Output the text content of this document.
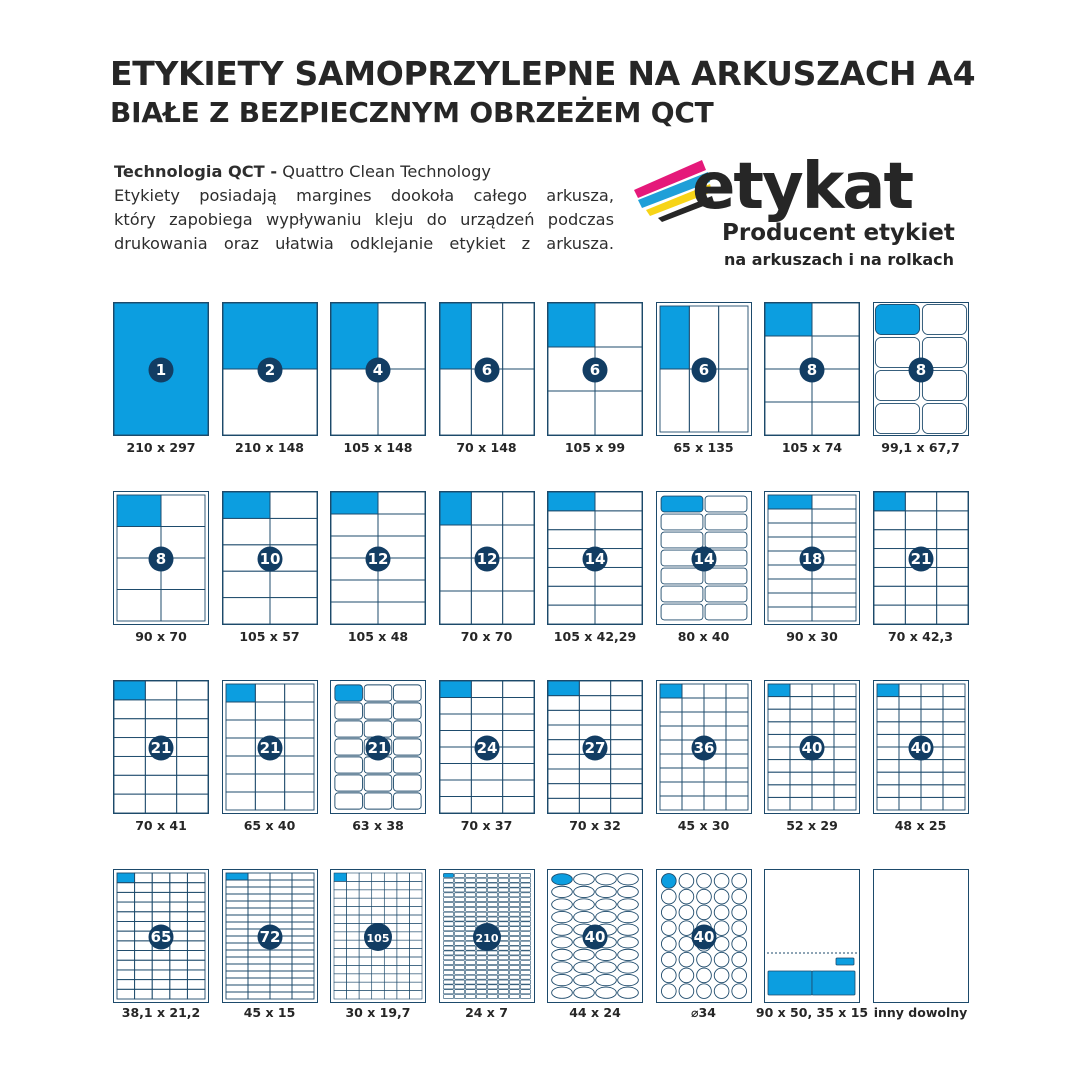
ETYKIETY SAMOPRZYLEPNE NA ARKUSZACH A4
BIAŁE Z BEZPIECZNYM OBRZEŻEM QCT
Technologia QCT - Quattro Clean Technology
Etykiety posiadają margines dookoła całego arkusza,
który zapobiega wypływaniu kleju do urządzeń podczas
drukowania oraz ułatwia odklejanie etykiet z arkusza.
etykat
Producent etykiet
na arkuszach i na rolkach
1
210 x 297
2
210 x 148
4
105 x 148
6
70 x 148
6
105 x 99
6
65 x 135
8
105 x 74
8
99,1 x 67,7
8
90 x 70
10
105 x 57
12
105 x 48
12
70 x 70
14
105 x 42,29
14
80 x 40
18
90 x 30
21
70 x 42,3
21
70 x 41
21
65 x 40
21
63 x 38
24
70 x 37
27
70 x 32
36
45 x 30
40
52 x 29
40
48 x 25
65
38,1 x 21,2
72
45 x 15
105
30 x 19,7
210
24 x 7
40
44 x 24
40
⌀34	90 x 50, 35 x 15 inny dowolny
